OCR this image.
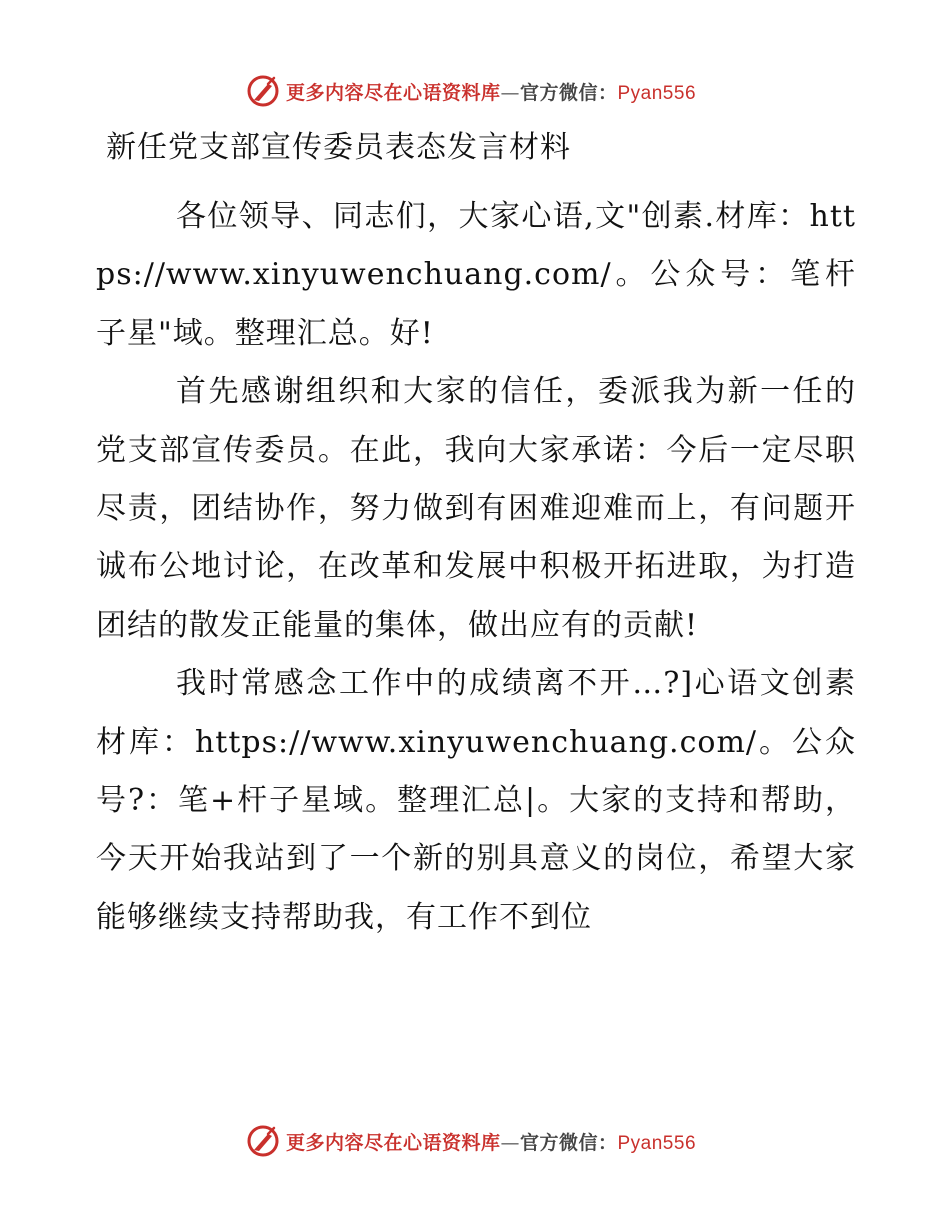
更多内容尽在心语资料库—官方微信：Pyan556
新任党支部宣传委员表态发言材料

各位领导、同志们，大家心语,文"创素.材库：https://www.xinyuwenchuang.com/。公众号：笔杆子星"域。整理汇总。好!

首先感谢组织和大家的信任，委派我为新一任的党支部宣传委员。在此，我向大家承诺：今后一定尽职尽责，团结协作，努力做到有困难迎难而上，有问题开诚布公地讨论，在改革和发展中积极开拓进取，为打造团结的散发正能量的集体，做出应有的贡献!

我时常感念工作中的成绩离不开…?]心语文创素材库：https://www.xinyuwenchuang.com/。公众号?：笔+杆子星域。整理汇总|。大家的支持和帮助，今天开始我站到了一个新的别具意义的岗位，希望大家能够继续支持帮助我，有工作不到位

更多内容尽在心语资料库—官方微信：Pyan556
